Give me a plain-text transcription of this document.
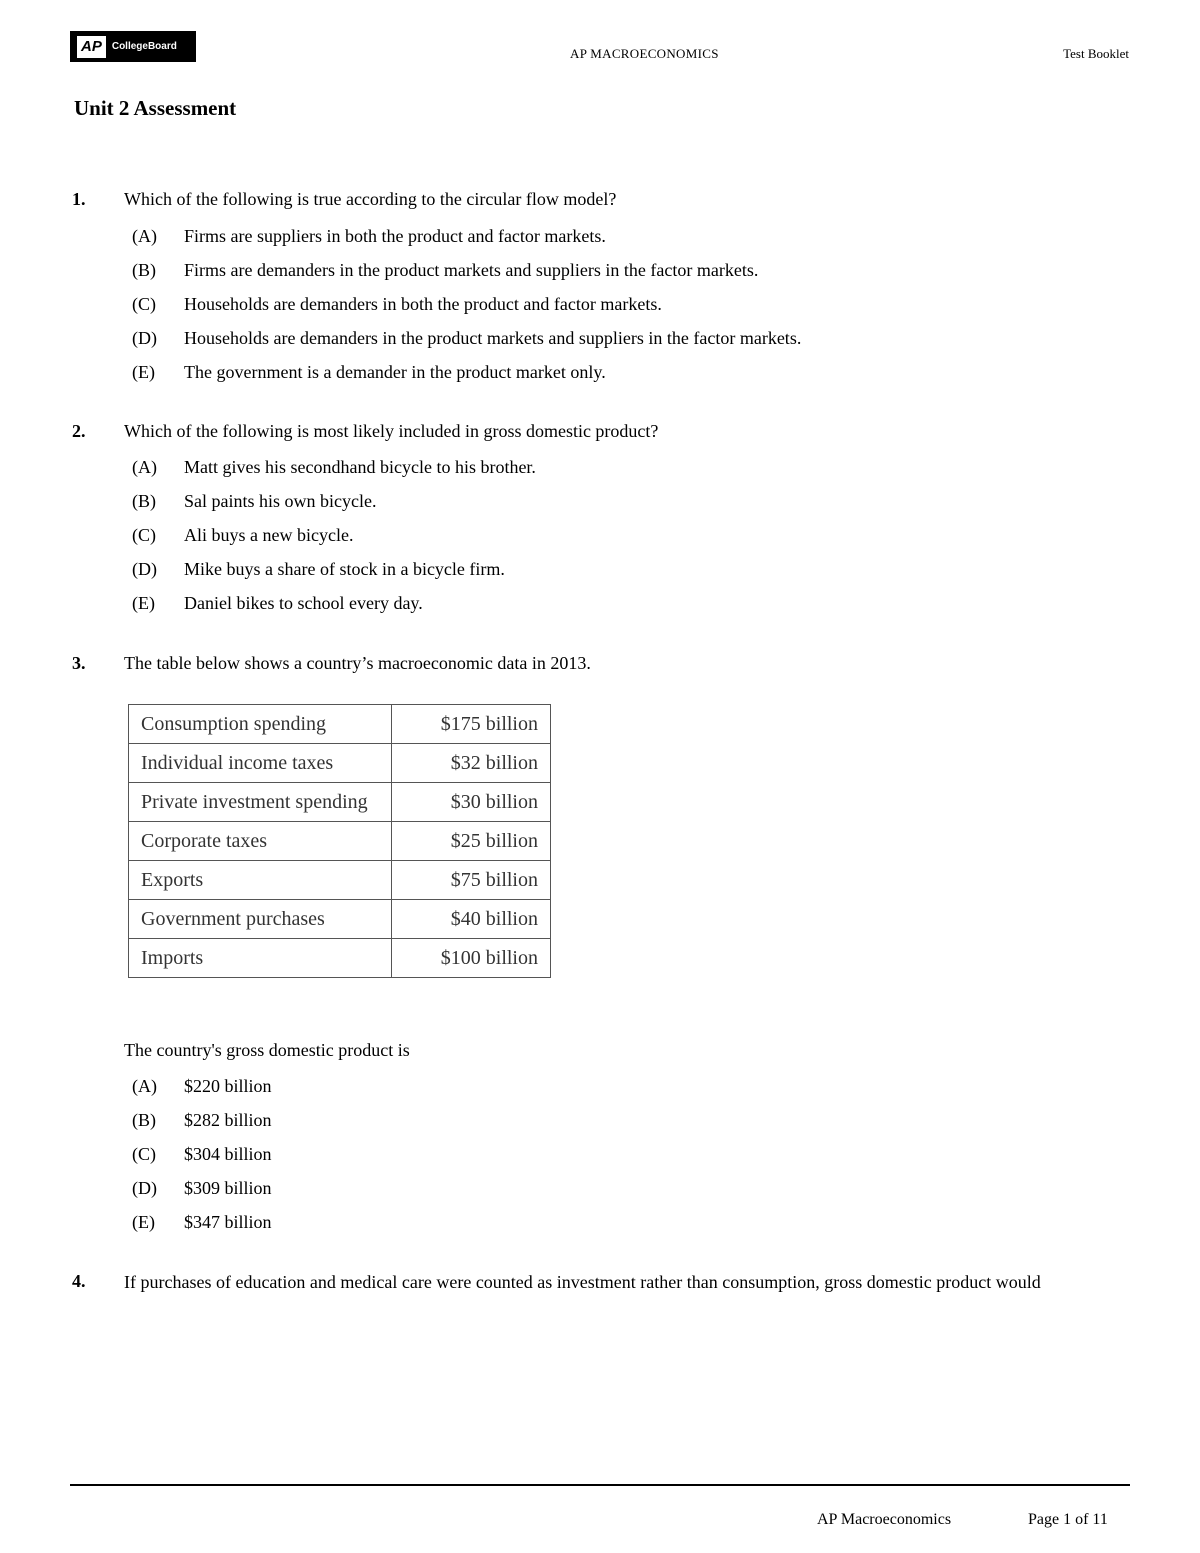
AP	CollegeBoard	AP MACROECONOMICS	Test Booklet
Unit 2 Assessment
1. Which of the following is true according to the circular flow model?
(A)	Firms are suppliers in both the product and factor markets.
(B)	Firms are demanders in the product markets and suppliers in the factor markets.
(C)	Households are demanders in both the product and factor markets.
(D)	Households are demanders in the product markets and suppliers in the factor markets.
(E)	The government is a demander in the product market only.
2. Which of the following is most likely included in gross domestic product?
(A)	Matt gives his secondhand bicycle to his brother.
(B)	Sal paints his own bicycle.
(C)	Ali buys a new bicycle.
(D)	Mike buys a share of stock in a bicycle firm.
(E)	Daniel bikes to school every day.
3. The table below shows a country’s macroeconomic data in 2013.
Consumption spending	$175 billion
Individual income taxes	$32 billion
Private investment spending	$30 billion
Corporate taxes	$25 billion
Exports	$75 billion
Government purchases	$40 billion
Imports	$100 billion
The country's gross domestic product is
(A)	$220 billion
(B)	$282 billion
(C)	$304 billion
(D)	$309 billion
(E)	$347 billion
4. If purchases of education and medical care were counted as investment rather than consumption, gross domestic product would
AP Macroeconomics	Page 1 of 11
